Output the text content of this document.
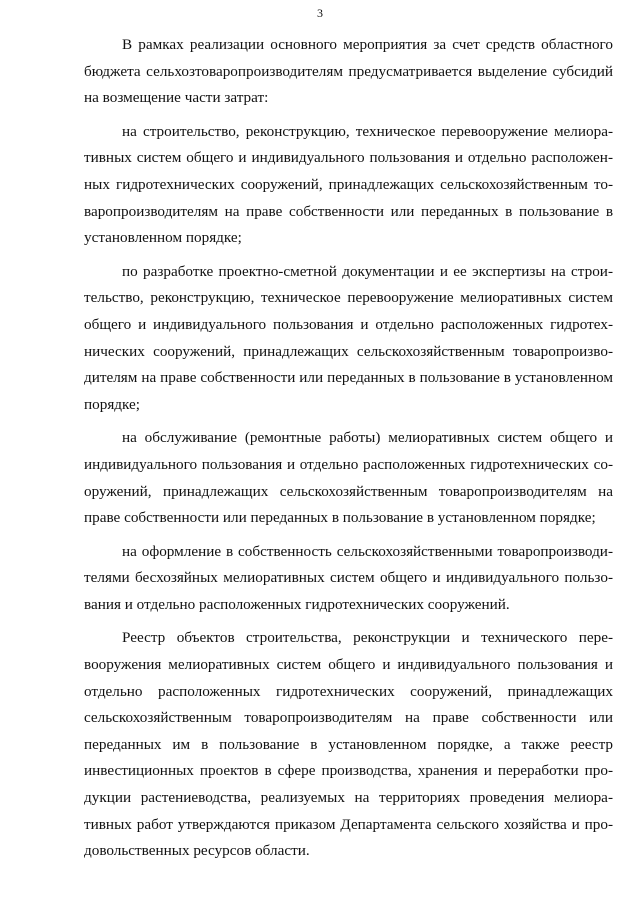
3

В рамках реализации основного мероприятия за счет средств областного бюджета сельхозтоваропроизводителям предусматривается выделение субсидий на возмещение части затрат:

на строительство, реконструкцию, техническое перевооружение мелиоративных систем общего и индивидуального пользования и отдельно расположенных гидротехнических сооружений, принадлежащих сельскохозяйственным товаропроизводителям на праве собственности или переданных в пользование в установленном порядке;

по разработке проектно-сметной документации и ее экспертизы на строительство, реконструкцию, техническое перевооружение мелиоративных систем общего и индивидуального пользования и отдельно расположенных гидротехнических сооружений, принадлежащих сельскохозяйственным товаропроизводителям на праве собственности или переданных в пользование в установленном порядке;

на обслуживание (ремонтные работы) мелиоративных систем общего и индивидуального пользования и отдельно расположенных гидротехнических сооружений, принадлежащих сельскохозяйственным товаропроизводителям на праве собственности или переданных в пользование в установленном порядке;

на оформление в собственность сельскохозяйственными товаропроизводителями бесхозяйных мелиоративных систем общего и индивидуального пользования и отдельно расположенных гидротехнических сооружений.

Реестр объектов строительства, реконструкции и технического перевооружения мелиоративных систем общего и индивидуального пользования и отдельно расположенных гидротехнических сооружений, принадлежащих сельскохозяйственным товаропроизводителям на праве собственности или переданных им в пользование в установленном порядке, а также реестр инвестиционных проектов в сфере производства, хранения и переработки продукции растениеводства, реализуемых на территориях проведения мелиоративных работ утверждаются приказом Департамента сельского хозяйства и продовольственных ресурсов области.
